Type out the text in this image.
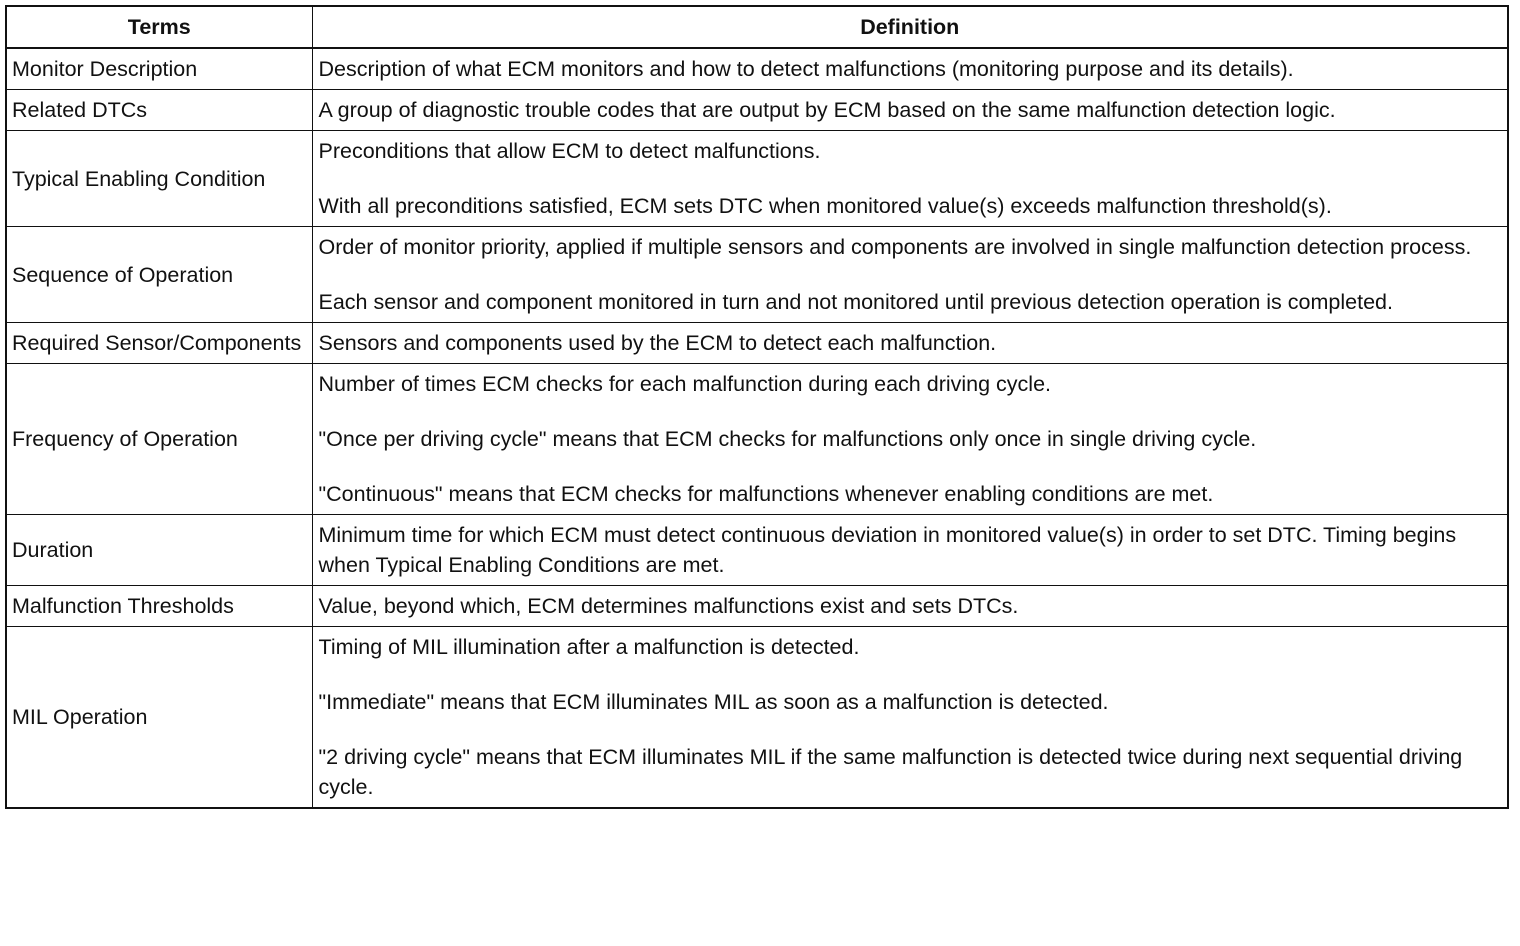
Terms	Definition
Monitor Description	Description of what ECM monitors and how to detect malfunctions (monitoring purpose and its details).

Related DTCs	A group of diagnostic trouble codes that are output by ECM based on the same malfunction detection logic.

Typical Enabling Condition	Preconditions that allow ECM to detect malfunctions.

With all preconditions satisfied, ECM sets DTC when monitored value(s) exceeds malfunction threshold(s).

Sequence of Operation	Order of monitor priority, applied if multiple sensors and components are involved in single malfunction detection process.

Each sensor and component monitored in turn and not monitored until previous detection operation is completed.

Required Sensor/Components	Sensors and components used by the ECM to detect each malfunction.

Frequency of Operation	Number of times ECM checks for each malfunction during each driving cycle.

"Once per driving cycle" means that ECM checks for malfunctions only once in single driving cycle.

"Continuous" means that ECM checks for malfunctions whenever enabling conditions are met.

Duration	Minimum time for which ECM must detect continuous deviation in monitored value(s) in order to set DTC. Timing begins when Typical Enabling Conditions are met.

Malfunction Thresholds	Value, beyond which, ECM determines malfunctions exist and sets DTCs.

MIL Operation	Timing of MIL illumination after a malfunction is detected.

"Immediate" means that ECM illuminates MIL as soon as a malfunction is detected.

"2 driving cycle" means that ECM illuminates MIL if the same malfunction is detected twice during next sequential driving cycle.
